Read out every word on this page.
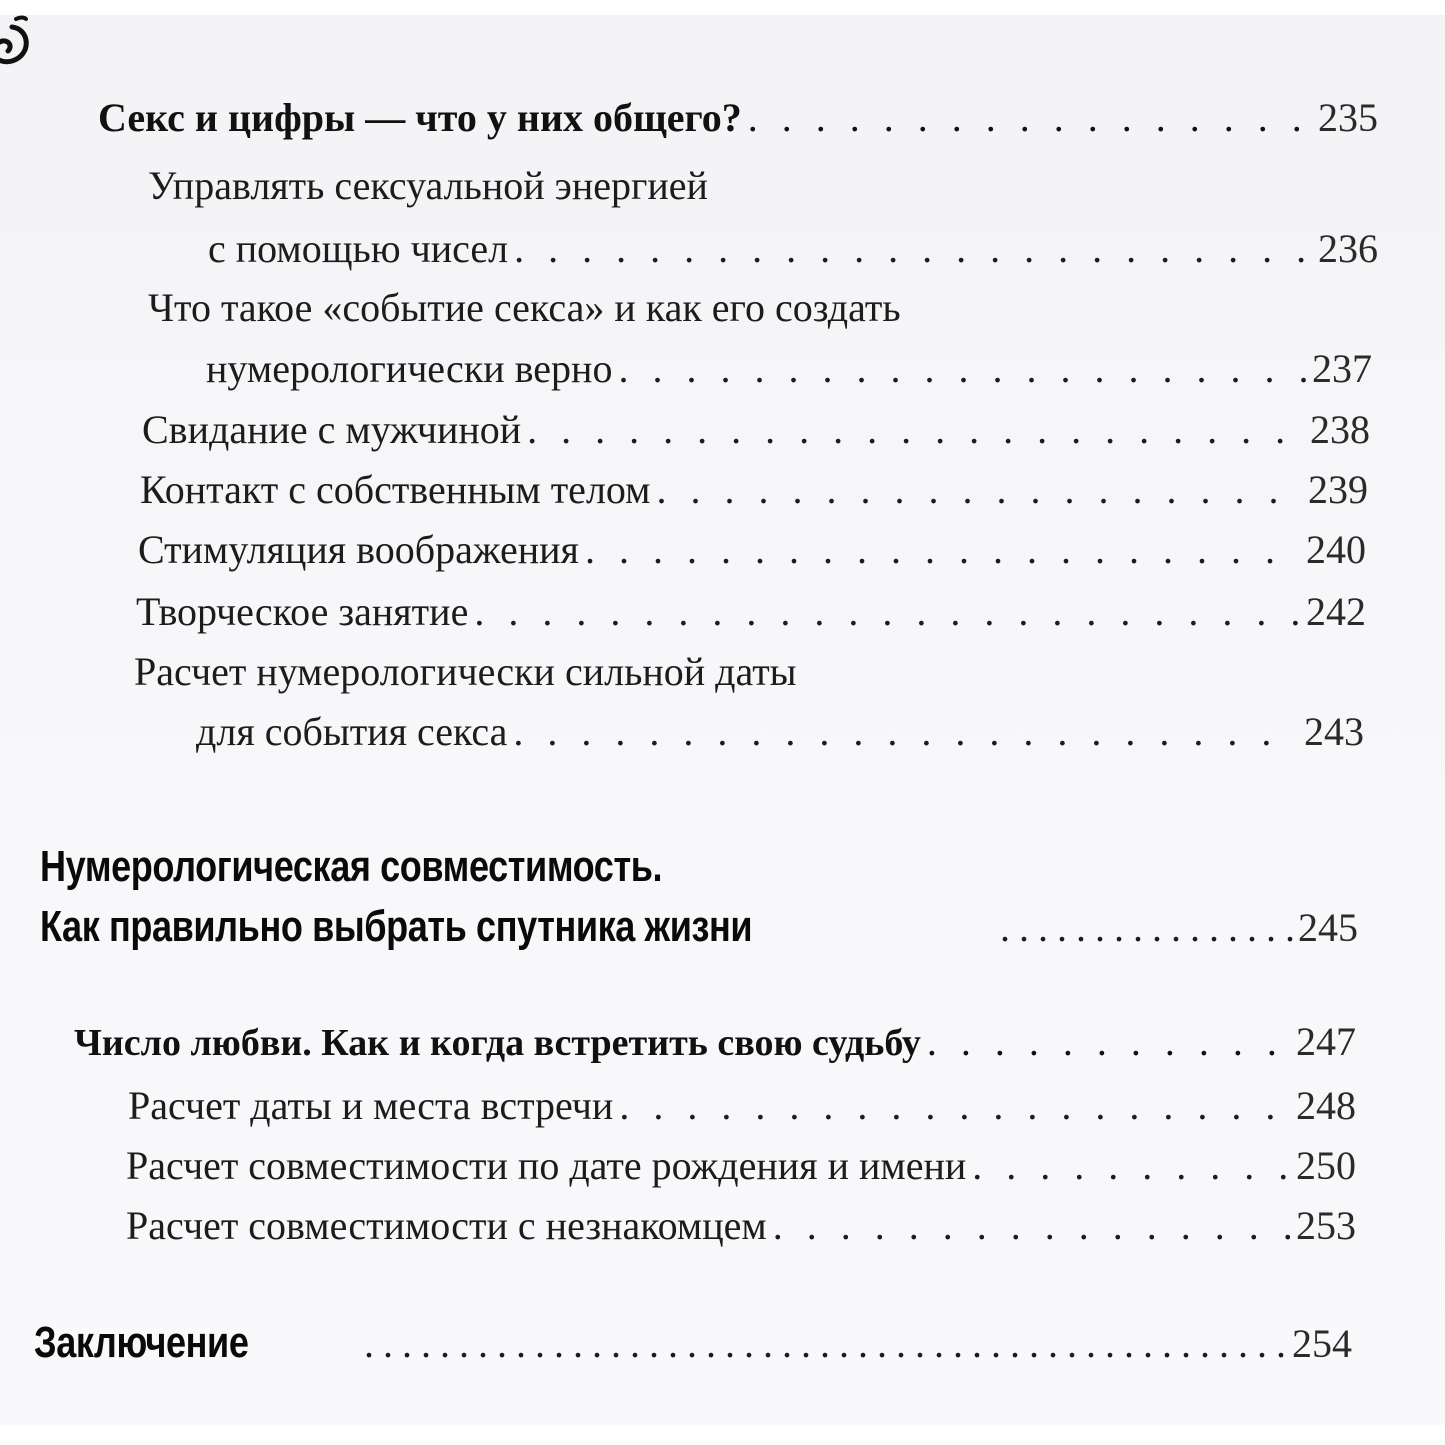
Секс и цифры — что у них общего? . . .	235
Управлять сексуальной энергией
с помощью чисел . . .	236
Что такое «событие секса» и как его создать
нумерологически верно . . .	237
Свидание с мужчиной . . .	238
Контакт с собственным телом . . .	239
Стимуляция воображения . . .	240
Творческое занятие . . .	242
Расчет нумерологически сильной даты
для события секса . . .	243
Нумерологическая совместимость.
Как правильно выбрать спутника жизни .....	245
Число любви. Как и когда встретить свою судьбу . . .	247
Расчет даты и места встречи . . .	248
Расчет совместимости по дате рождения и имени . . .	250
Расчет совместимости с незнакомцем . . .	253
Заключение .....	254
